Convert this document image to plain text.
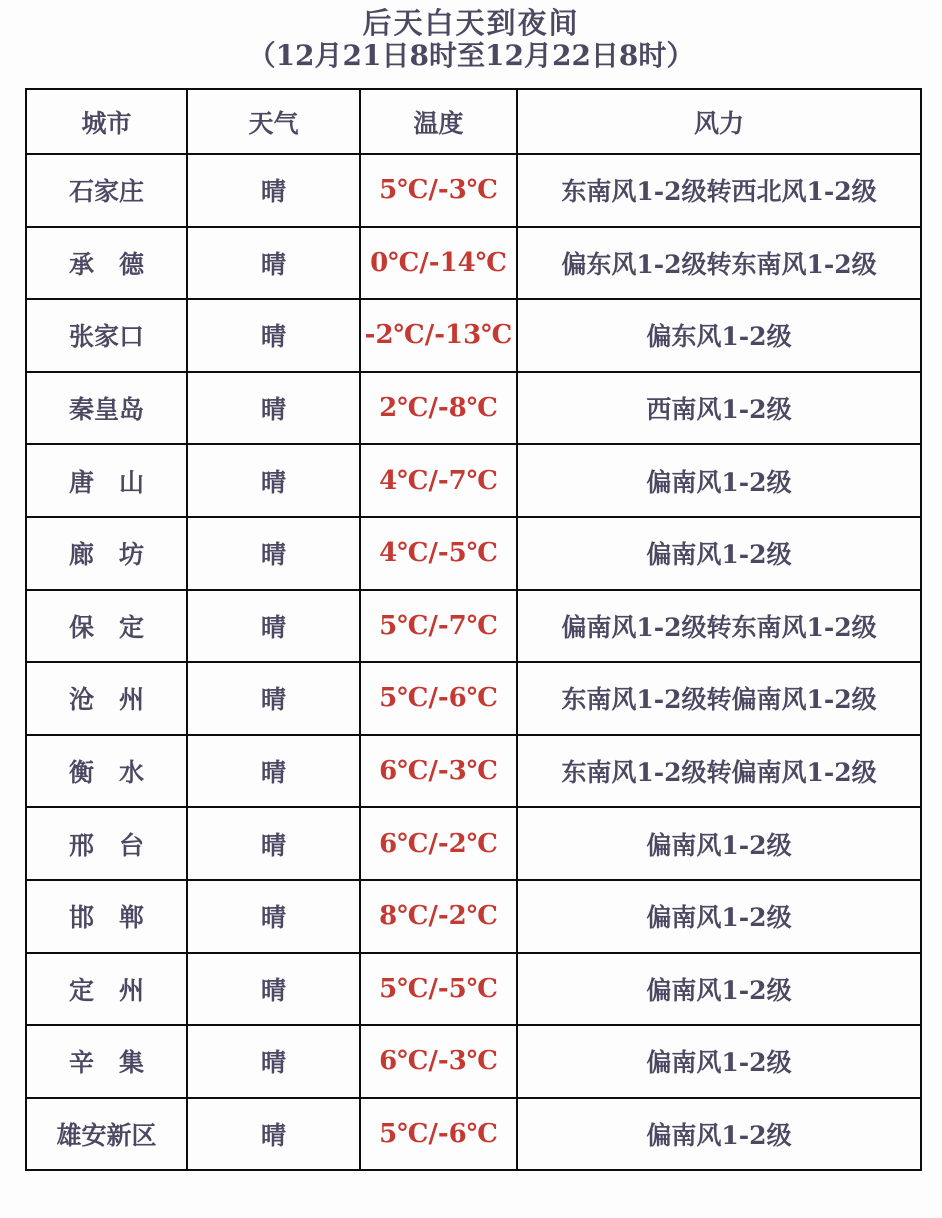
后天白天到夜间
（12月21日8时至12月22日8时）
城市	天气	温度	风力
石家庄	晴	5℃/-3℃	东南风1-2级转西北风1-2级
承　德	晴	0℃/-14℃	偏东风1-2级转东南风1-2级
张家口	晴	-2℃/-13℃	偏东风1-2级
秦皇岛	晴	2℃/-8℃	西南风1-2级
唐　山	晴	4℃/-7℃	偏南风1-2级
廊　坊	晴	4℃/-5℃	偏南风1-2级
保　定	晴	5℃/-7℃	偏南风1-2级转东南风1-2级
沧　州	晴	5℃/-6℃	东南风1-2级转偏南风1-2级
衡　水	晴	6℃/-3℃	东南风1-2级转偏南风1-2级
邢　台	晴	6℃/-2℃	偏南风1-2级
邯　郸	晴	8℃/-2℃	偏南风1-2级
定　州	晴	5℃/-5℃	偏南风1-2级
辛　集	晴	6℃/-3℃	偏南风1-2级
雄安新区	晴	5℃/-6℃	偏南风1-2级
